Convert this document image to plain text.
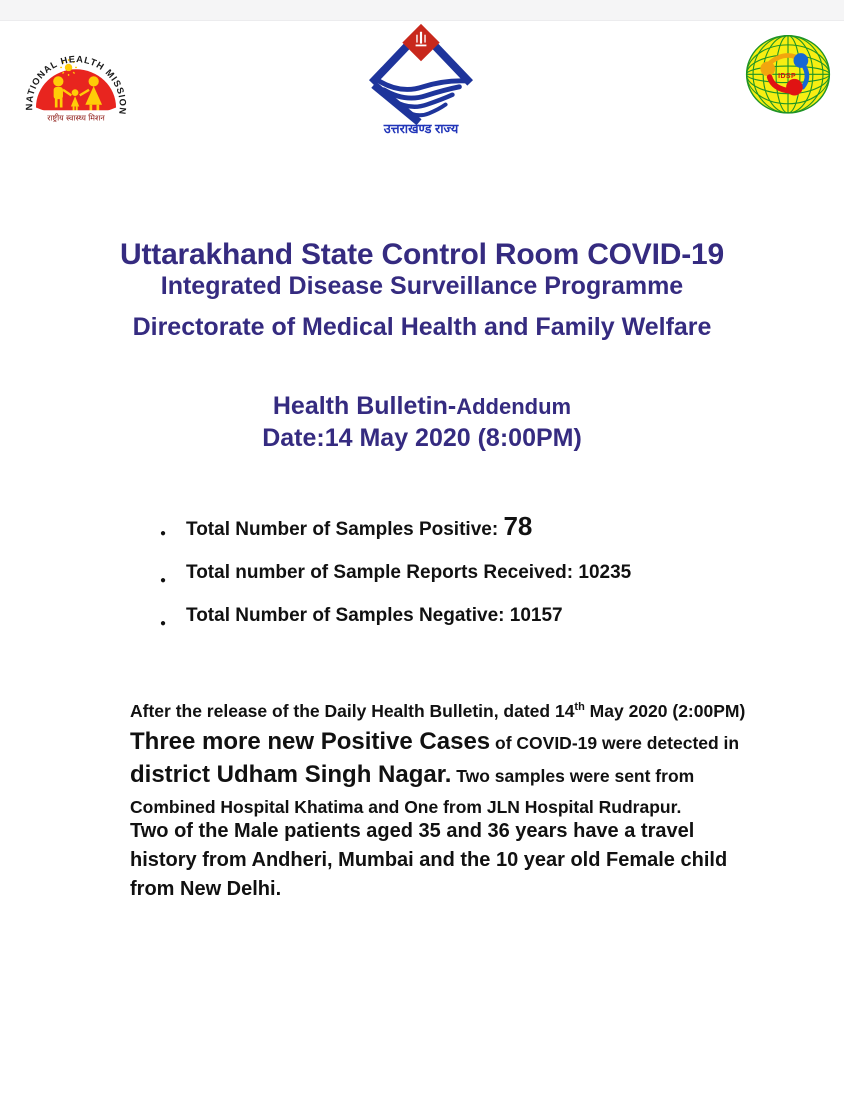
NATIONAL HEALTH MISSION
राष्ट्रीय स्वास्थ्य मिशन
उत्तराखण्ड राज्य
IDSP
Uttarakhand State Control Room COVID-19
Integrated Disease Surveillance Programme
Directorate of Medical Health and Family Welfare
Health Bulletin-Addendum
Date:14 May 2020 (8:00PM)
● Total Number of Samples Positive: 78
● Total number of Sample Reports Received: 10235
● Total Number of Samples Negative: 10157

After the release of the Daily Health Bulletin, dated 14th May 2020 (2:00PM) Three more new Positive Cases of COVID-19 were detected in district Udham Singh Nagar. Two samples were sent from Combined Hospital Khatima and One from JLN Hospital Rudrapur.

Two of the Male patients aged 35 and 36 years have a travel history from Andheri, Mumbai and the 10 year old Female child from New Delhi.
